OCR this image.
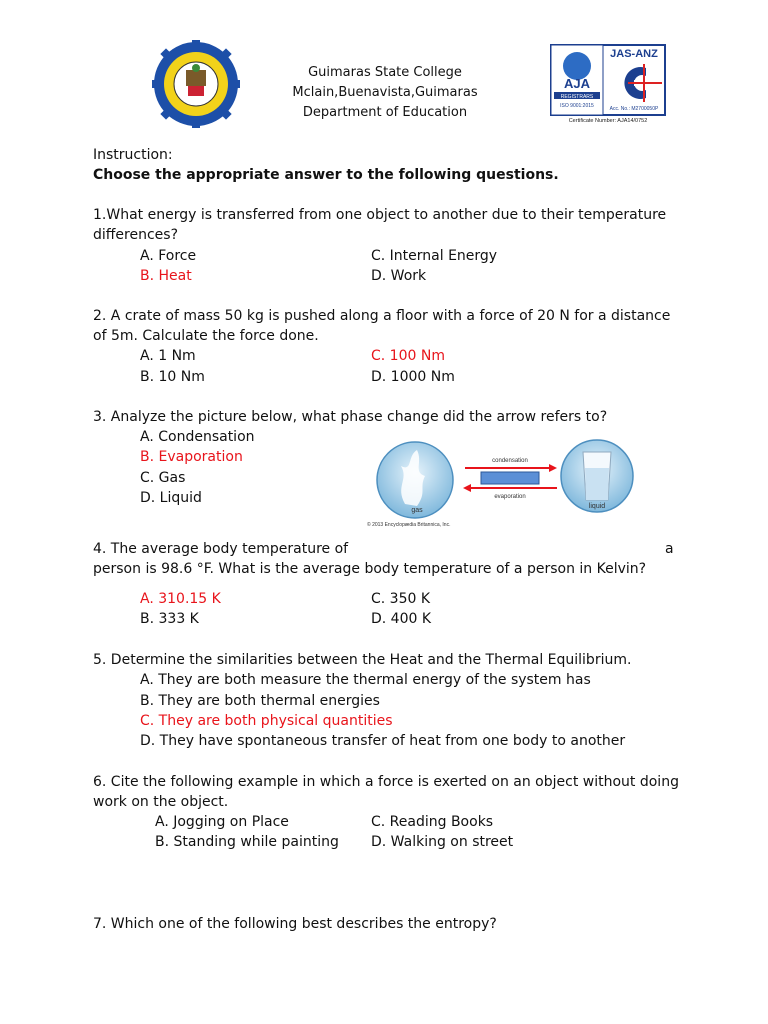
Guimaras State College
Mclain,Buenavista,Guimaras
Department of Education
AJA
REGISTRARS
ISO 9001:2015
JAS-ANZ
Acc. No.: M2700050P
Certificate Number: AJA14/0752
Instruction:
Choose the appropriate answer to the following questions.
1.What energy is transferred from one object to another due to their temperature
differences?
A. Force
B. Heat
C. Internal Energy
D. Work
2. A crate of mass 50 kg is pushed along a floor with a force of 20 N for a distance
of 5m. Calculate the force done.
A. 1 Nm
B. 10 Nm
C. 100 Nm
D. 1000 Nm
3. Analyze the picture below, what phase change did the arrow refers to?
A. Condensation
B. Evaporation
C. Gas
D. Liquid
gas
condensation
evaporation
liquid
© 2013 Encyclopædia Britannica, Inc.
4. The average body temperature of	a
person is 98.6 °F. What is the average body temperature of a person in Kelvin?
A. 310.15 K
B. 333 K
C. 350 K
D. 400 K
5. Determine the similarities between the Heat and the Thermal Equilibrium.
A. They are both measure the thermal energy of the system has
B. They are both thermal energies
C. They are both physical quantities
D. They have spontaneous transfer of heat from one body to another
6. Cite the following example in which a force is exerted on an object without doing
work on the object.
A. Jogging on Place
B. Standing while painting
C. Reading Books
D. Walking on street
7. Which one of the following best describes the entropy?
